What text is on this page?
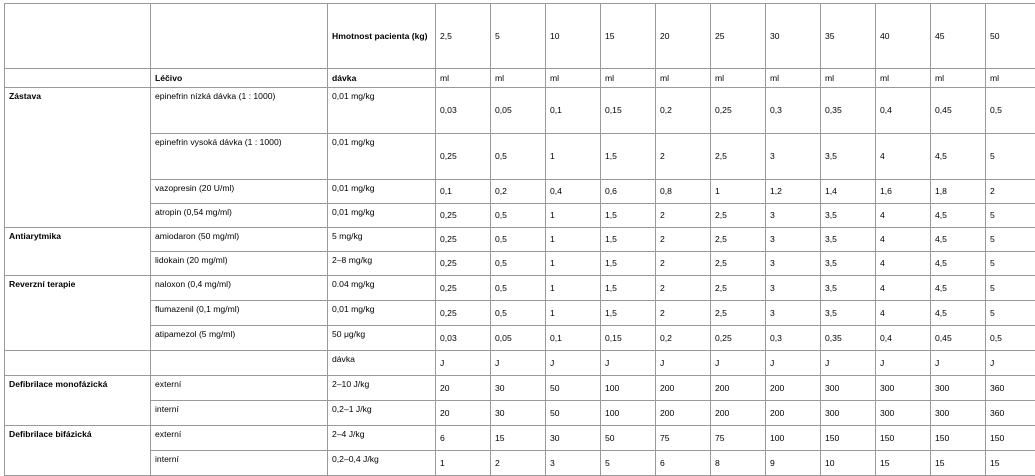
		Hmotnost pacienta (kg)	2,5	5	10	15	20	25	30	35	40	45	50
	Léčivo	dávka	ml	ml	ml	ml	ml	ml	ml	ml	ml	ml	ml
Zástava	epinefrin nízká dávka (1 : 1000)	0,01 mg/kg	0,03	0,05	0,1	0,15	0,2	0,25	0,3	0,35	0,4	0,45	0,5
	epinefrin vysoká dávka (1 : 1000)	0,01 mg/kg	0,25	0,5	1	1,5	2	2,5	3	3,5	4	4,5	5
	vazopresin (20 U/ml)	0,01 mg/kg	0,1	0,2	0,4	0,6	0,8	1	1,2	1,4	1,6	1,8	2
	atropin (0,54 mg/ml)	0,01 mg/kg	0,25	0,5	1	1,5	2	2,5	3	3,5	4	4,5	5
Antiarytmika	amiodaron (50 mg/ml)	5 mg/kg	0,25	0,5	1	1,5	2	2,5	3	3,5	4	4,5	5
	lidokain (20 mg/ml)	2–8 mg/kg	0,25	0,5	1	1,5	2	2,5	3	3,5	4	4,5	5
Reverzní terapie	naloxon (0,4 mg/ml)	0.04 mg/kg	0,25	0,5	1	1,5	2	2,5	3	3,5	4	4,5	5
	flumazenil (0,1 mg/ml)	0,01 mg/kg	0,25	0,5	1	1,5	2	2,5	3	3,5	4	4,5	5
	atipamezol (5 mg/ml)	50 μg/kg	0,03	0,05	0,1	0,15	0,2	0,25	0,3	0,35	0,4	0,45	0,5
		dávka	J	J	J	J	J	J	J	J	J	J	J
Defibrilace monofázická	externí	2–10 J/kg	20	30	50	100	200	200	200	300	300	300	360
	interní	0,2–1 J/kg	20	30	50	100	200	200	200	300	300	300	360
Defibrilace bifázická	externí	2–4 J/kg	6	15	30	50	75	75	100	150	150	150	150
	interní	0,2–0,4 J/kg	1	2	3	5	6	8	9	10	15	15	15
